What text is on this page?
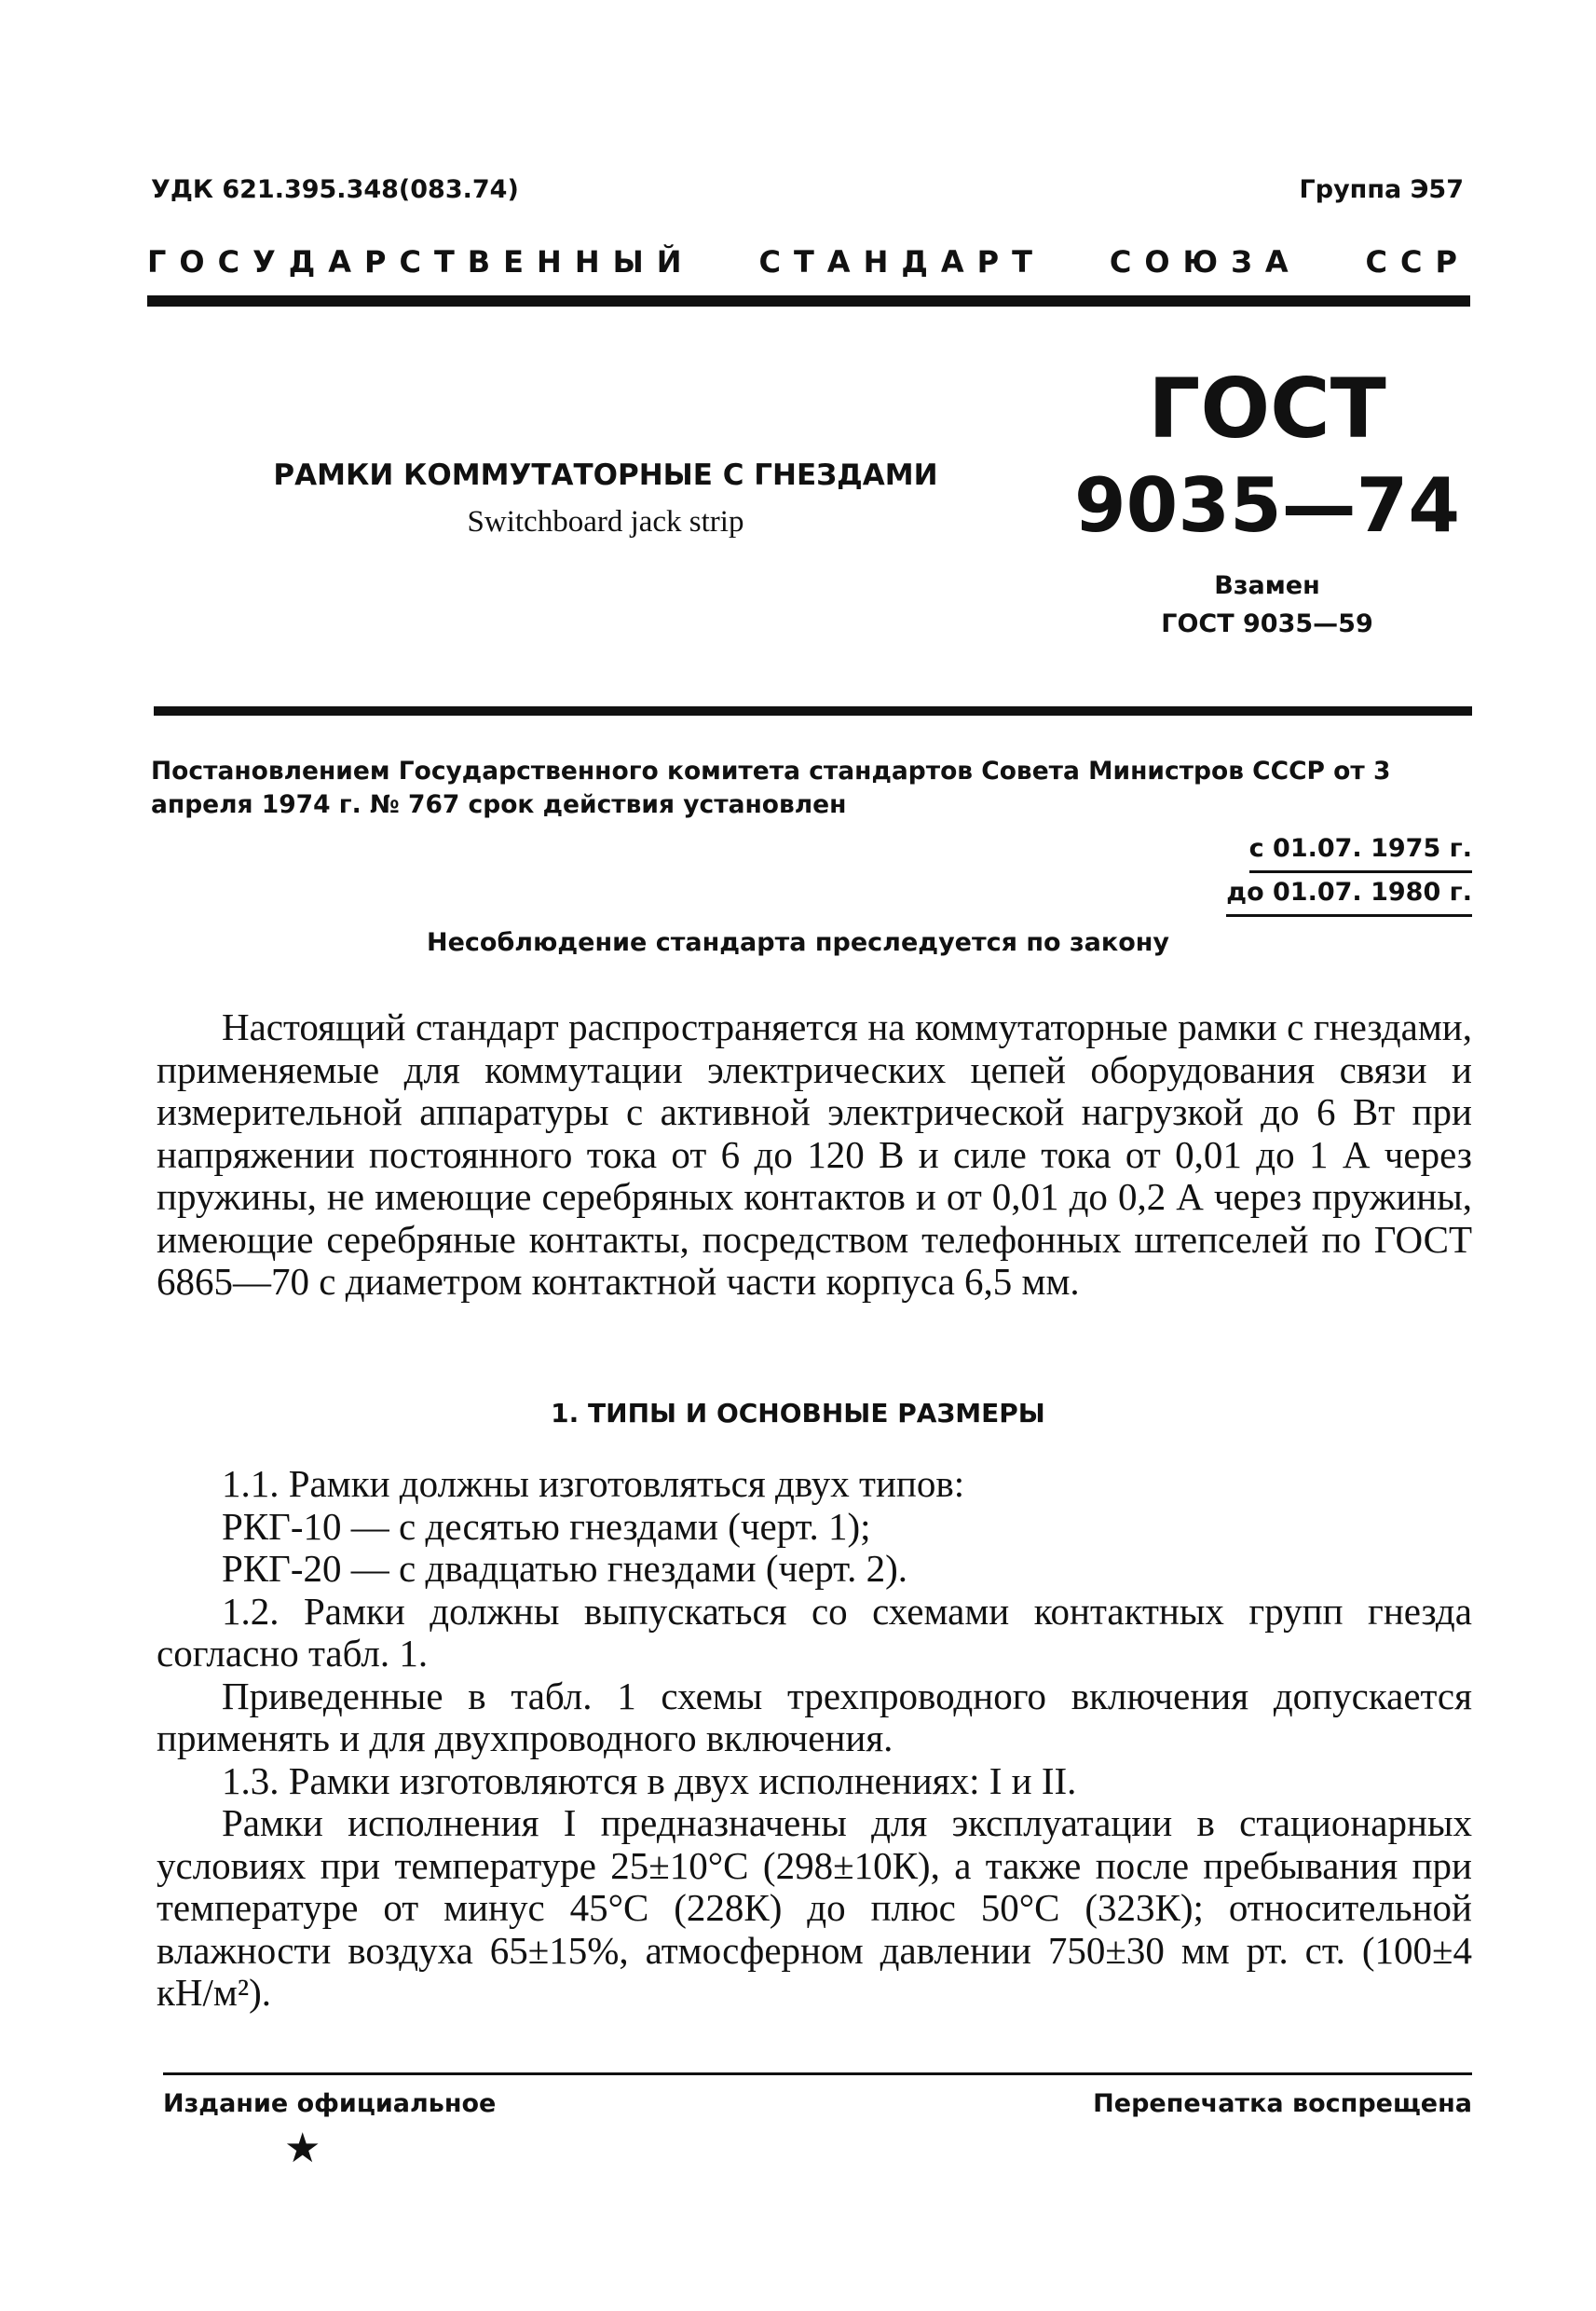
УДК 621.395.348(083.74)	Группа Э57
ГОСУДАРСТВЕННЫЙ СТАНДАРТ СОЮЗА ССР
РАМКИ КОММУТАТОРНЫЕ С ГНЕЗДАМИ
Switchboard jack strip
ГОСТ
9035—74
Взамен
ГОСТ 9035—59
Постановлением Государственного комитета стандартов Совета Министров СССР от 3 апреля 1974 г. № 767 срок действия установлен
с 01.07. 1975 г.
до 01.07. 1980 г.
Несоблюдение стандарта преследуется по закону

Настоящий стандарт распространяется на коммутаторные рамки с гнездами, применяемые для коммутации электрических цепей оборудования связи и измерительной аппаратуры с активной электрической нагрузкой до 6 Вт при напряжении постоянного тока от 6 до 120 В и силе тока от 0,01 до 1 А через пружины, не имеющие серебряных контактов и от 0,01 до 0,2 А через пружины, имеющие серебряные контакты, посредством телефонных штепселей по ГОСТ 6865—70 с диаметром контактной части корпуса 6,5 мм.

1. ТИПЫ И ОСНОВНЫЕ РАЗМЕРЫ

1.1. Рамки должны изготовляться двух типов:

РКГ-10 — с десятью гнездами (черт. 1);

РКГ-20 — с двадцатью гнездами (черт. 2).

1.2. Рамки должны выпускаться со схемами контактных групп гнезда согласно табл. 1.

Приведенные в табл. 1 схемы трехпроводного включения допускается применять и для двухпроводного включения.

1.3. Рамки изготовляются в двух исполнениях: I и II.

Рамки исполнения I предназначены для эксплуатации в стационарных условиях при температуре 25±10°С (298±10К), а также после пребывания при температуре от минус 45°С (228К) до плюс 50°С (323К); относительной влажности воздуха 65±15%, атмосферном давлении 750±30 мм рт. ст. (100±4 кН/м²).

Издание официальное	Перепечатка воспрещена
★
